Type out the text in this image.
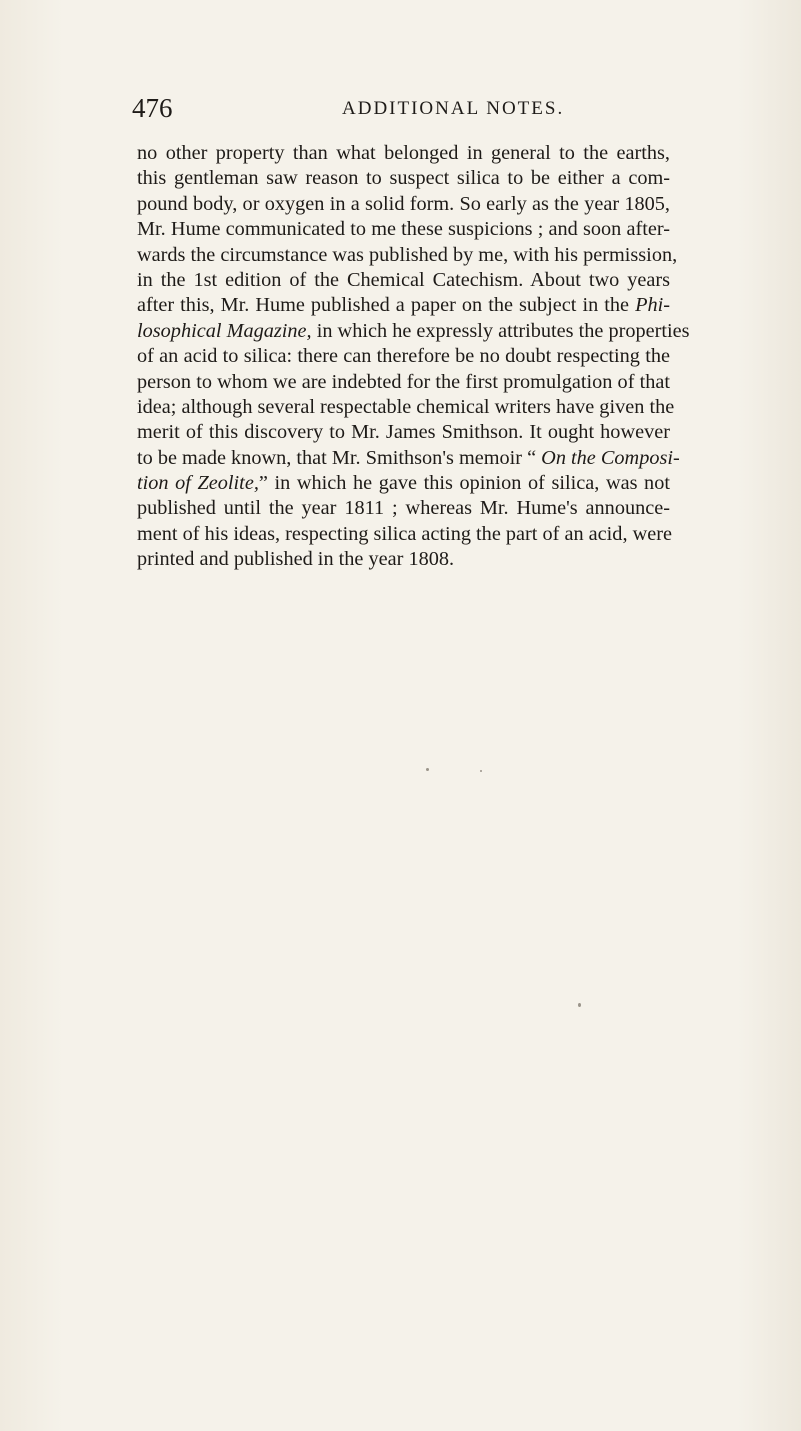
476	ADDITIONAL NOTES.
no other property than what belonged in general to the earths,
this gentleman saw reason to suspect silica to be either a com-
pound body, or oxygen in a solid form. So early as the year 1805,
Mr. Hume communicated to me these suspicions ; and soon after-
wards the circumstance was published by me, with his permission,
in the 1st edition of the Chemical Catechism. About two years
after this, Mr. Hume published a paper on the subject in the Phi-
losophical Magazine, in which he expressly attributes the properties
of an acid to silica: there can therefore be no doubt respecting the
person to whom we are indebted for the first promulgation of that
idea; although several respectable chemical writers have given the
merit of this discovery to Mr. James Smithson. It ought however
to be made known, that Mr. Smithson's memoir “ On the Composi-
tion of Zeolite,” in which he gave this opinion of silica, was not
published until the year 1811 ; whereas Mr. Hume's announce-
ment of his ideas, respecting silica acting the part of an acid, were
printed and published in the year 1808.
